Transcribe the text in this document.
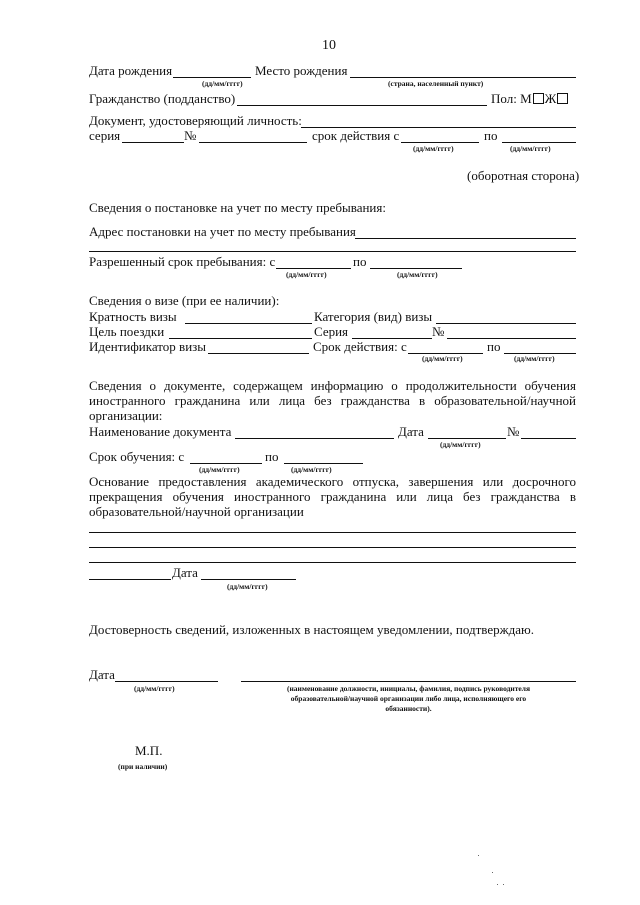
10
Дата рождения	Место рождения
(дд/мм/гггг)	(страна, населенный пункт)
Гражданство (подданство)	Пол: М Ж
Документ, удостоверяющий личность:
серия	№	срок действия с	по
(дд/мм/гггг)	(дд/мм/гггг)
(оборотная сторона)
Сведения о постановке на учет по месту пребывания:
Адрес постановки на учет по месту пребывания
Разрешенный срок пребывания: с	по
(дд/мм/гггг)	(дд/мм/гггг)
Сведения о визе (при ее наличии):
Кратность визы	Категория (вид) визы
Цель поездки	Серия	№
Идентификатор визы	Срок действия: с	по
(дд/мм/гггг)	(дд/мм/гггг)
Сведения о документе, содержащем информацию о продолжительности обучения
иностранного гражданина или лица без гражданства в образовательной/научной
организации:
Наименование документа	Дата	№
(дд/мм/гггг)
Срок обучения: с	по
(дд/мм/гггг)	(дд/мм/гггг)
Основание предоставления академического отпуска, завершения или досрочного
прекращения обучения иностранного гражданина или лица без гражданства в
образовательной/научной организации
Дата
(дд/мм/гггг)
Достоверность сведений, изложенных в настоящем уведомлении, подтверждаю.
Дата
(дд/мм/гггг)	(наименование должности, инициалы, фамилия, подпись руководителя
образовательной/научной организации либо лица, исполняющего его
обязанности).
М.П.
(при наличии)
